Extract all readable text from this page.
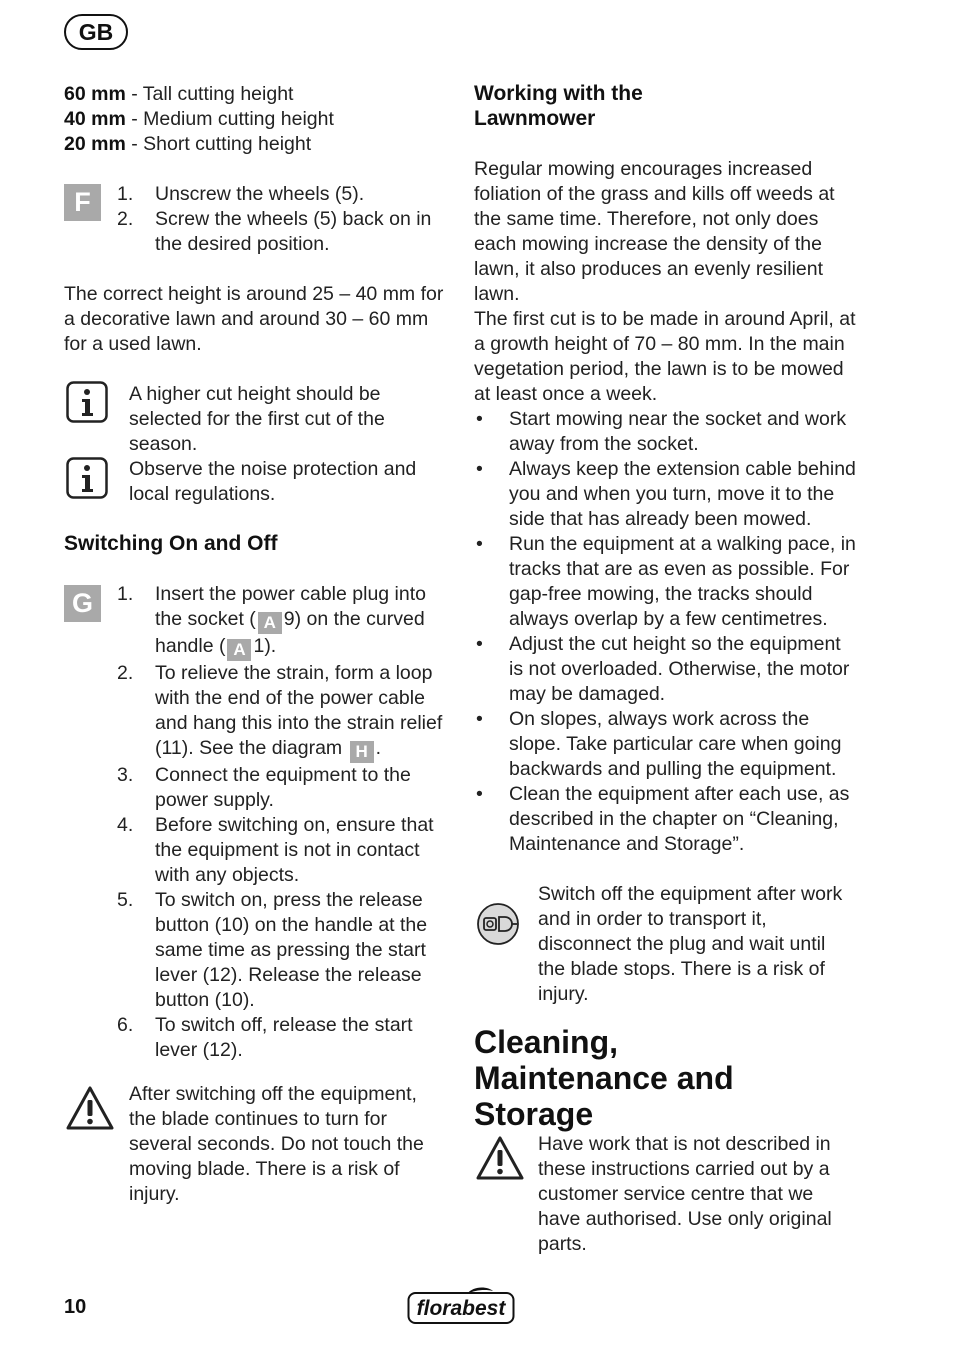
GB
60 mm - Tall cutting height
40 mm - Medium cutting height
20 mm - Short cutting height
F	1. Unscrew the wheels (5).
2. Screw the wheels (5) back on in the desired position.
The correct height is around 25 – 40 mm for a decorative lawn and around 30 – 60 mm for a used lawn.
A higher cut height should be selected for the first cut of the season.
Observe the noise protection and local regulations.
Switching On and Off
G	1. Insert the power cable plug into the socket ( A 9) on the curved handle ( A 1).
2. To relieve the strain, form a loop with the end of the power cable and hang this into the strain relief (11). See the diagram H .
3. Connect the equipment to the power supply.
4. Before switching on, ensure that the equipment is not in contact with any objects.
5. To switch on, press the release button (10) on the handle at the same time as pressing the start lever (12). Release the release button (10).
6. To switch off, release the start lever (12).
After switching off the equipment, the blade continues to turn for several seconds. Do not touch the moving blade. There is a risk of injury.
Working with the
Lawnmower
Regular mowing encourages increased foliation of the grass and kills off weeds at the same time. Therefore, not only does each mowing increase the density of the lawn, it also produces an evenly resilient lawn.
The first cut is to be made in around April, at a growth height of 70 – 80 mm. In the main vegetation period, the lawn is to be mowed at least once a week.
• Start mowing near the socket and work away from the socket.
• Always keep the extension cable behind you and when you turn, move it to the side that has already been mowed.
• Run the equipment at a walking pace, in tracks that are as even as possible. For gap-free mowing, the tracks should always overlap by a few centimetres.
• Adjust the cut height so the equipment is not overloaded. Otherwise, the motor may be damaged.
• On slopes, always work across the slope. Take particular care when going backwards and pulling the equipment.
• Clean the equipment after each use, as described in the chapter on “Cleaning, Maintenance and Storage”.
Switch off the equipment after work and in order to transport it, disconnect the plug and wait until the blade stops. There is a risk of injury.
Cleaning,
Maintenance and
Storage
Have work that is not described in these instructions carried out by a customer service centre that we have authorised. Use only original parts.
10	florabest
